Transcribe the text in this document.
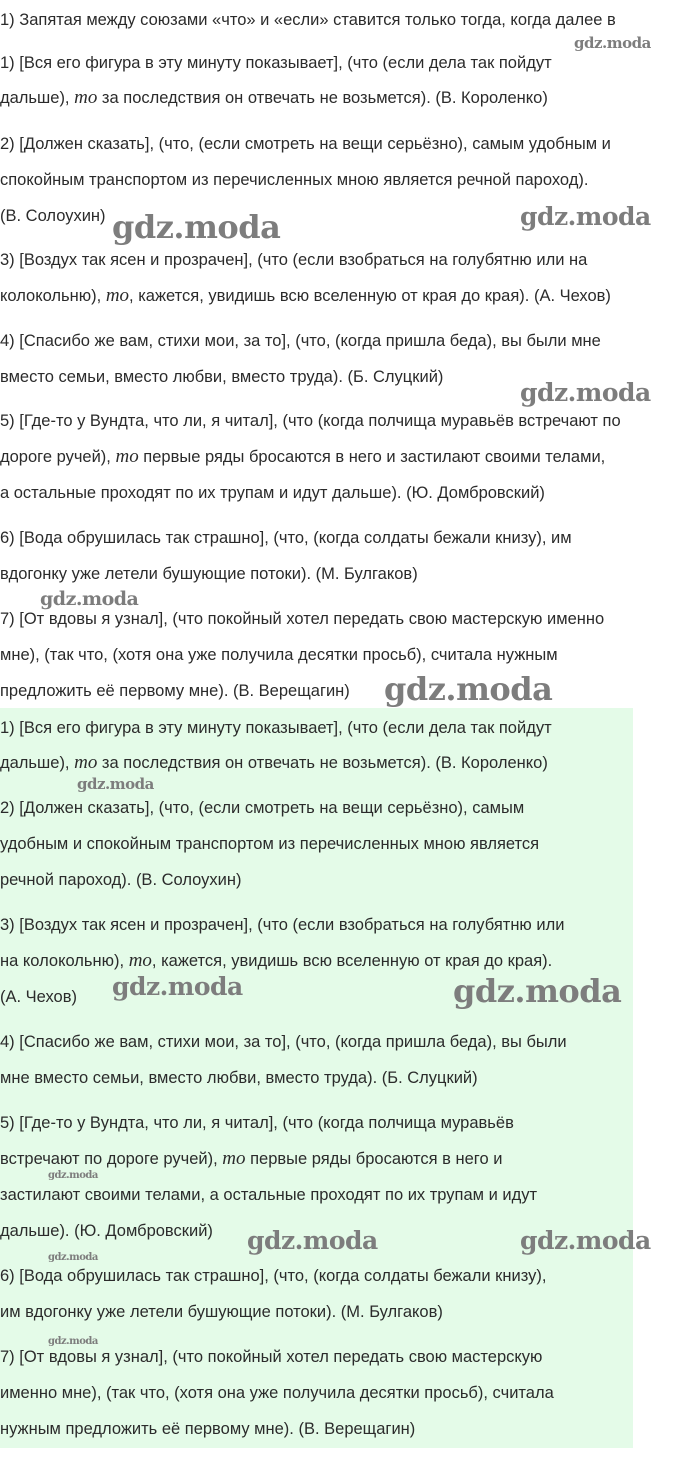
1) Запятая между союзами «что» и «если» ставится только тогда, когда далее в
1) [Вся его фигура в эту минуту показывает], (что (если дела так пойдут
дальше), то за последствия он отвечать не возьмется). (В. Короленко)
2) [Должен сказать], (что, (если смотреть на вещи серьёзно), самым удобным и
спокойным транспортом из перечисленных мною является речной пароход).
(В. Солоухин)
3) [Воздух так ясен и прозрачен], (что (если взобраться на голубятню или на
колокольню), то, кажется, увидишь всю вселенную от края до края). (А. Чехов)
4) [Спасибо же вам, стихи мои, за то], (что, (когда пришла беда), вы были мне
вместо семьи, вместо любви, вместо труда). (Б. Слуцкий)
5) [Где-то у Вундта, что ли, я читал], (что (когда полчища муравьёв встречают по
дороге ручей), то первые ряды бросаются в него и застилают своими телами,
а остальные проходят по их трупам и идут дальше). (Ю. Домбровский)
6) [Вода обрушилась так страшно], (что, (когда солдаты бежали книзу), им
вдогонку уже летели бушующие потоки). (М. Булгаков)
7) [От вдовы я узнал], (что покойный хотел передать свою мастерскую именно
мне), (так что, (хотя она уже получила десятки просьб), считала нужным
предложить её первому мне). (В. Верещагин)
1) [Вся его фигура в эту минуту показывает], (что (если дела так пойдут
дальше), то за последствия он отвечать не возьмется). (В. Короленко)
2) [Должен сказать], (что, (если смотреть на вещи серьёзно), самым
удобным и спокойным транспортом из перечисленных мною является
речной пароход). (В. Солоухин)
3) [Воздух так ясен и прозрачен], (что (если взобраться на голубятню или
на колокольню), то, кажется, увидишь всю вселенную от края до края).
(А. Чехов)
4) [Спасибо же вам, стихи мои, за то], (что, (когда пришла беда), вы были
мне вместо семьи, вместо любви, вместо труда). (Б. Слуцкий)
5) [Где-то у Вундта, что ли, я читал], (что (когда полчища муравьёв
встречают по дороге ручей), то первые ряды бросаются в него и
застилают своими телами, а остальные проходят по их трупам и идут
дальше). (Ю. Домбровский)
6) [Вода обрушилась так страшно], (что, (когда солдаты бежали книзу),
им вдогонку уже летели бушующие потоки). (М. Булгаков)
7) [От вдовы я узнал], (что покойный хотел передать свою мастерскую
именно мне), (так что, (хотя она уже получила десятки просьб), считала
нужным предложить её первому мне). (В. Верещагин)
gdz.moda
gdz.moda	gdz.moda
gdz.moda
gdz.moda
gdz.moda
gdz.moda
gdz.moda	gdz.moda
gdz.moda
gdz.moda	gdz.moda
gdz.moda
gdz.moda
